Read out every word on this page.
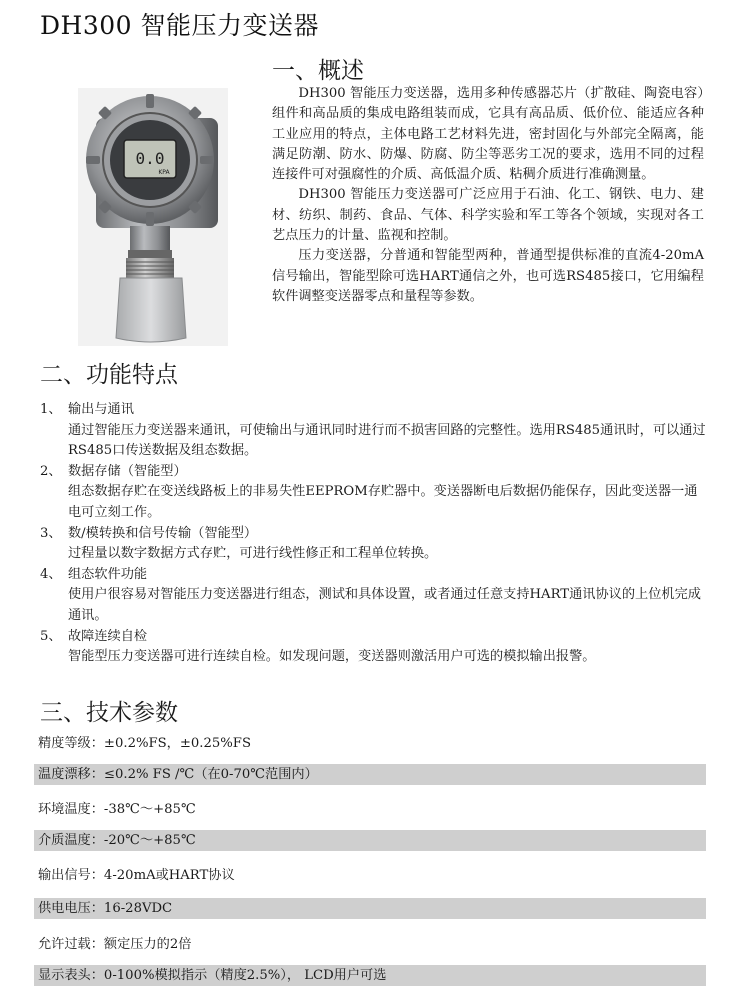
DH300 智能压力变送器
0.0
KPA
一、概述

DH300 智能压力变送器，选用多种传感器芯片（扩散硅、陶瓷电容）组件和高品质的集成电路组装而成，它具有高品质、低价位、能适应各种工业应用的特点，主体电路工艺材料先进，密封固化与外部完全隔离，能满足防潮、防水、防爆、防腐、防尘等恶劣工况的要求，选用不同的过程连接件可对强腐性的介质、高低温介质、粘稠介质进行准确测量。

DH300 智能压力变送器可广泛应用于石油、化工、钢铁、电力、建材、纺织、制药、食品、气体、科学实验和军工等各个领域，实现对各工艺点压力的计量、监视和控制。

压力变送器，分普通和智能型两种，普通型提供标准的直流4-20mA信号输出，智能型除可选HART通信之外，也可选RS485接口，它用编程软件调整变送器零点和量程等参数。

二、功能特点
1、 输出与通讯
通过智能压力变送器来通讯，可使输出与通讯同时进行而不损害回路的完整性。选用RS485通讯时，可以通过RS485口传送数据及组态数据。
2、 数据存储（智能型）
组态数据存贮在变送线路板上的非易失性EEPROM存贮器中。变送器断电后数据仍能保存，因此变送器一通电可立刻工作。
3、 数/模转换和信号传输（智能型）
过程量以数字数据方式存贮，可进行线性修正和工程单位转换。
4、 组态软件功能
使用户很容易对智能压力变送器进行组态，测试和具体设置，或者通过任意支持HART通讯协议的上位机完成通讯。
5、 故障连续自检
智能型压力变送器可进行连续自检。如发现问题，变送器则激活用户可选的模拟输出报警。
三、技术参数
精度等级：±0.2%FS，±0.25%FS
温度漂移：≤0.2% FS /℃（在0-70℃范围内）
环境温度：-38℃～+85℃
介质温度：-20℃～+85℃
输出信号：4-20mA或HART协议
供电电压：16-28VDC
允许过载：额定压力的2倍
显示表头：0-100%模拟指示（精度2.5%）， LCD用户可选
